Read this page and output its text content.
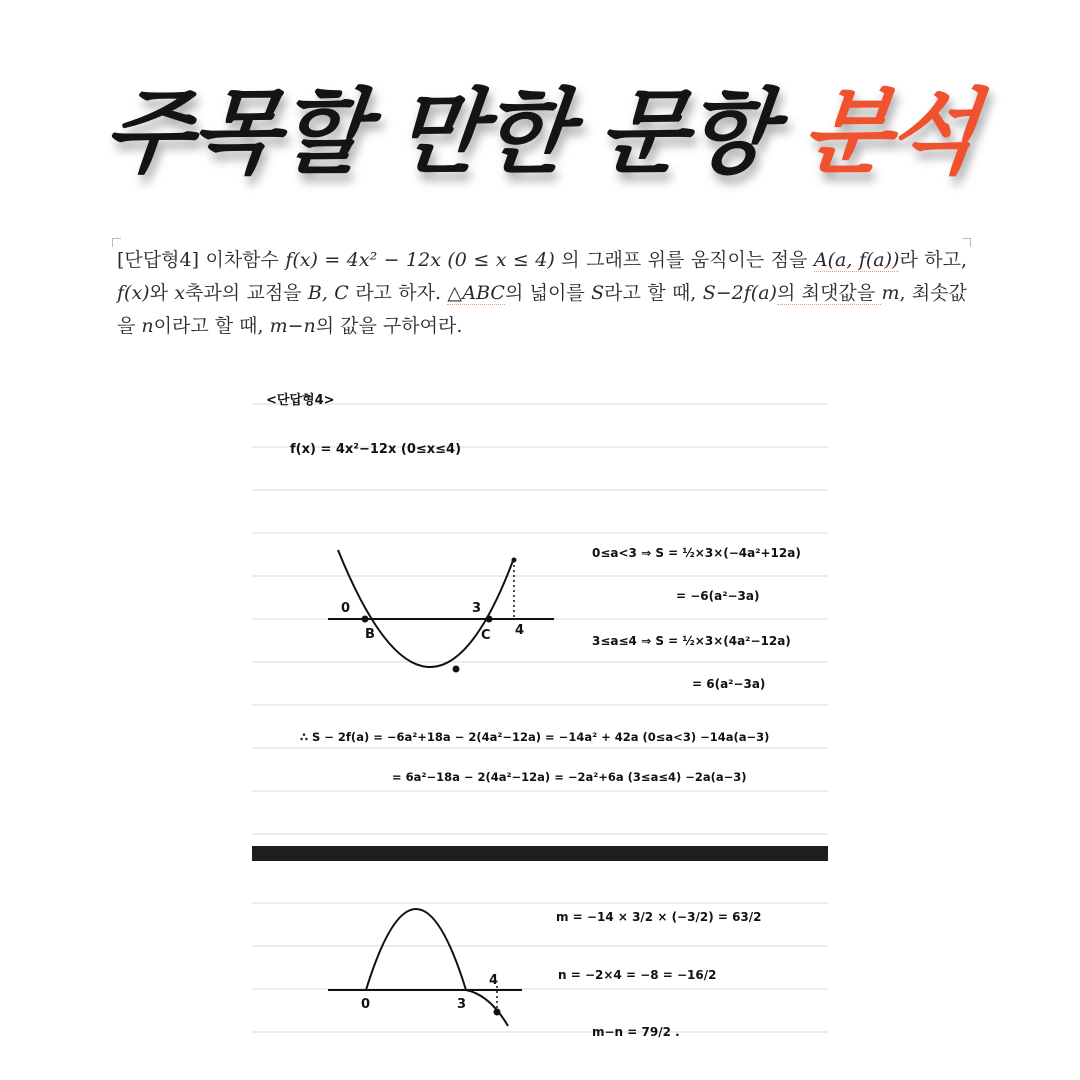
주목할 만한 문항 분석
[단답형4] 이차함수 f(x) = 4x² − 12x (0 ≤ x ≤ 4) 의 그래프 위를 움직이는 점을 A(a, f(a))라 하고, f(x)와 x축과의 교점을 B, C 라고 하자. △ABC의 넓이를 S라고 할 때, S−2f(a)의 최댓값을 m, 최솟값을 n이라고 할 때, m−n의 값을 구하여라.
<단답형4>
f(x) = 4x²−12x (0≤x≤4)
0	3
4
B	C
0≤a<3 ⇒ S = ½×3×(−4a²+12a)
= −6(a²−3a)
3≤a≤4 ⇒ S = ½×3×(4a²−12a)
= 6(a²−3a)
∴ S − 2f(a) = −6a²+18a − 2(4a²−12a) = −14a² + 42a (0≤a<3) −14a(a−3)
= 6a²−18a − 2(4a²−12a) = −2a²+6a (3≤a≤4) −2a(a−3)
0	3
4
m = −14 × 3/2 × (−3/2) = 63/2
n = −2×4 = −8 = −16/2
m−n = 79/2 .
